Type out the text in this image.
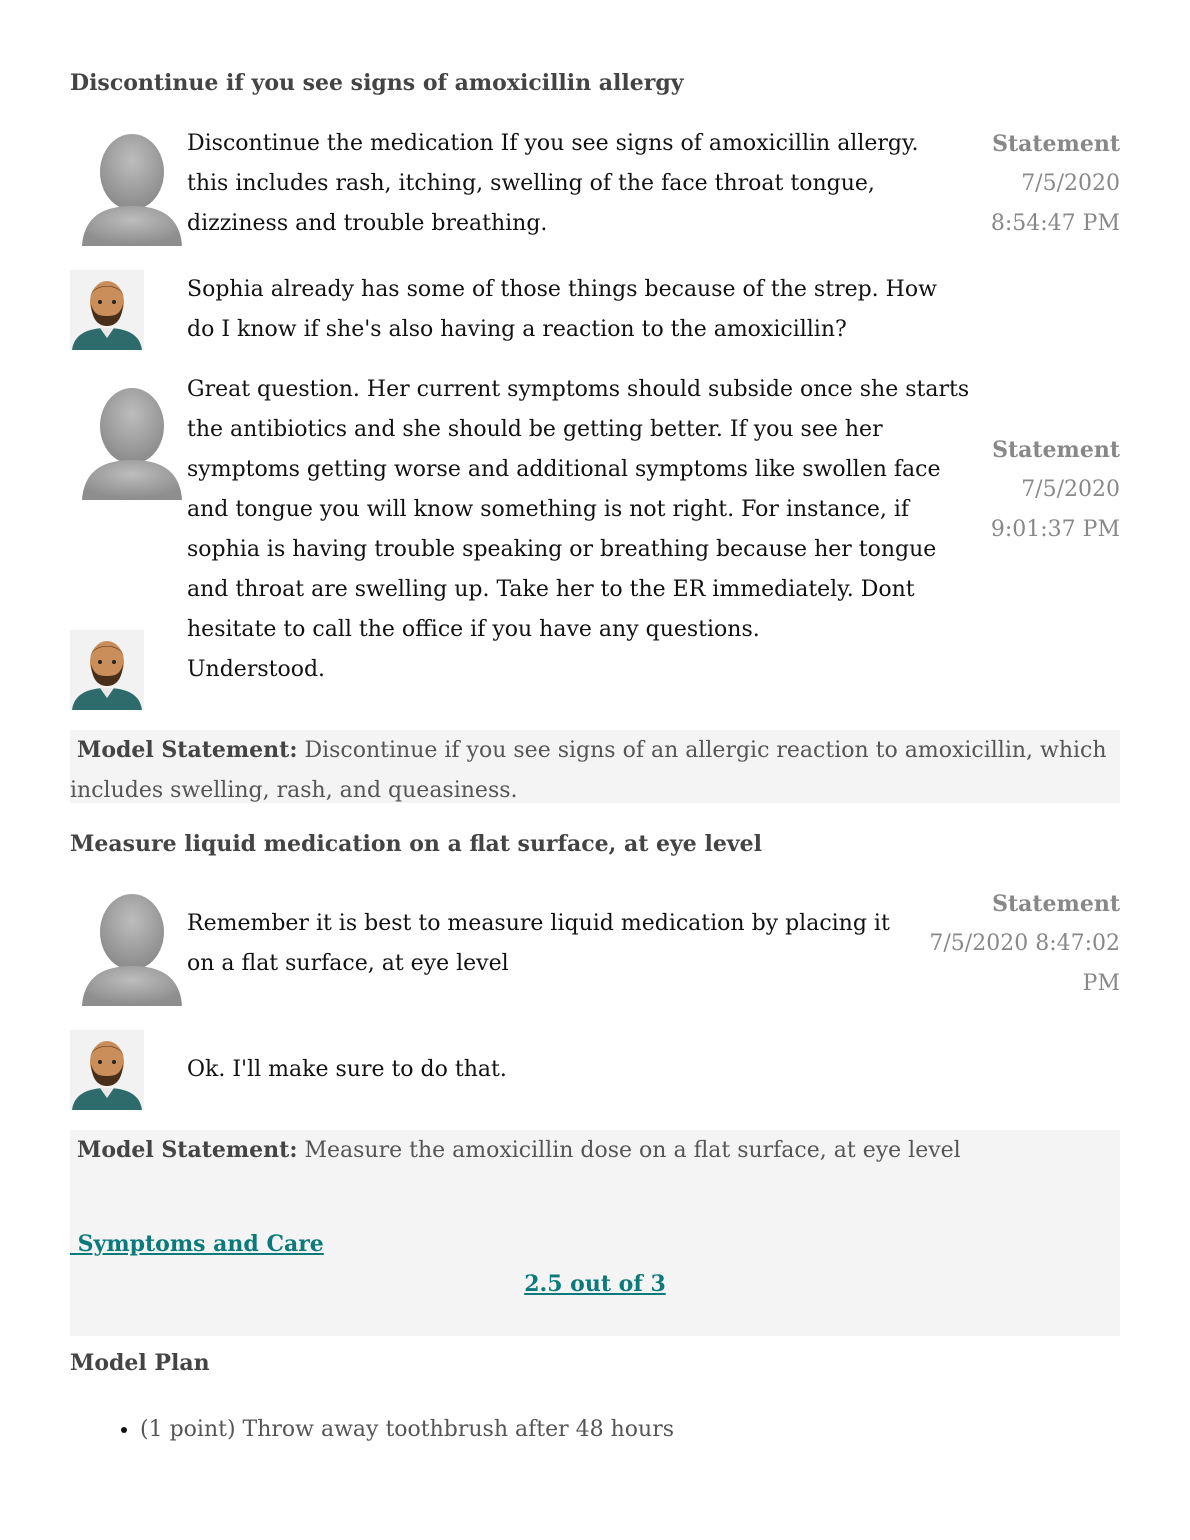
Discontinue if you see signs of amoxicillin allergy
Discontinue the medication If you see signs of amoxicillin allergy. this includes rash, itching, swelling of the face throat tongue, dizziness and trouble breathing.
Statement
7/5/2020
8:54:47 PM
Sophia already has some of those things because of the strep. How do I know if she's also having a reaction to the amoxicillin?
Great question. Her current symptoms should subside once she starts the antibiotics and she should be getting better. If you see her symptoms getting worse and additional symptoms like swollen face and tongue you will know something is not right. For instance, if sophia is having trouble speaking or breathing because her tongue and throat are swelling up. Take her to the ER immediately. Dont hesitate to call the office if you have any questions.
Statement
7/5/2020
9:01:37 PM
Understood.
Model Statement: Discontinue if you see signs of an allergic reaction to amoxicillin, which includes swelling, rash, and queasiness.
Measure liquid medication on a flat surface, at eye level
Remember it is best to measure liquid medication by placing it on a flat surface, at eye level
Statement
7/5/2020 8:47:02
PM
Ok. I'll make sure to do that.
Model Statement: Measure the amoxicillin dose on a flat surface, at eye level
Symptoms and Care
2.5 out of 3
Model Plan
• (1 point) Throw away toothbrush after 48 hours
